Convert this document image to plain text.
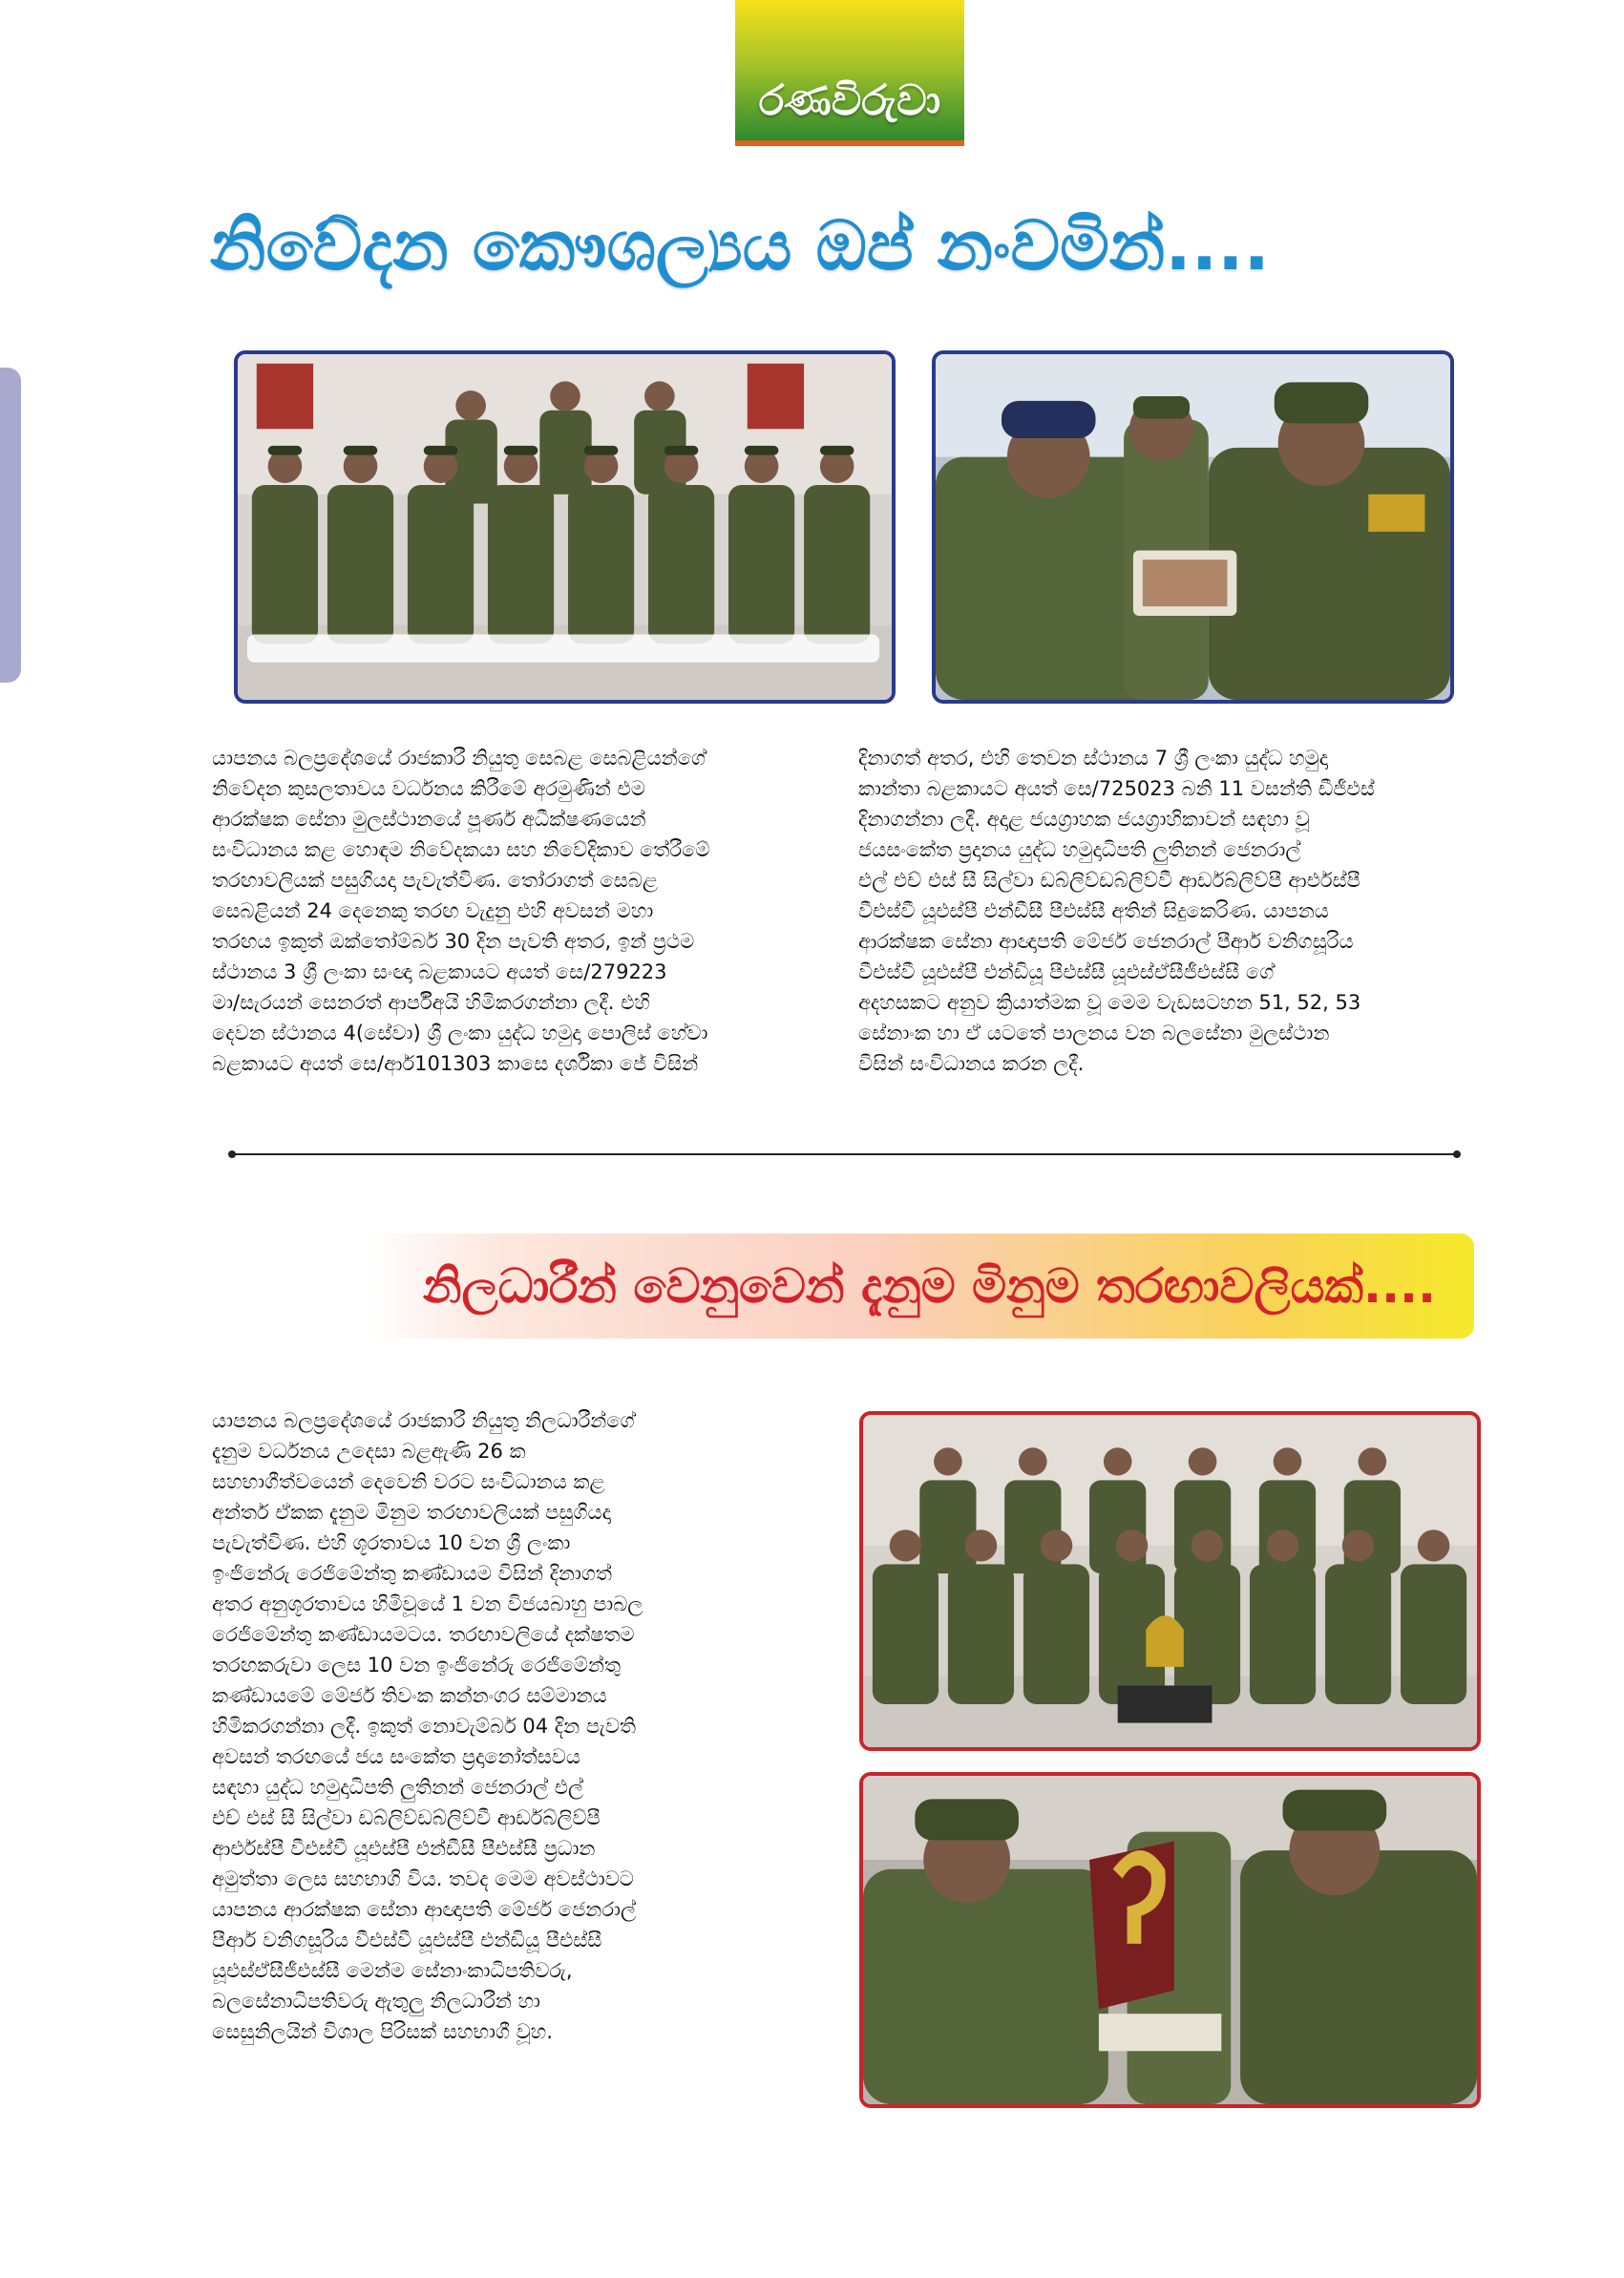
රණවිරුවා
නිවේදන කෞශල්‍යය ඔප් නංවමින්....
යාපනය බලප්‍රදේශයේ රාජකාරී නියුතු සෙබළ සෙබළියන්ගේ
නිවේදන කුසලතාවය වර්ධනය කිරීමේ අරමුණින් එම
ආරක්ෂක සේනා මුලස්ථානයේ පූර්ණ අධීක්ෂණයෙන්
සංවිධානය කළ හොඳම නිවේදකයා සහ නිවේදිකාව තේරීමේ
තරඟාවලියක් පසුගියදා පැවැත්විණ. තෝරාගත් සෙබළ
සෙබළියන් 24 දෙනෙකු තරඟ වැදුනු එහි අවසන් මහා
තරඟය ඉකුත් ඔක්තෝම්බර් 30 දින පැවති අතර, ඉන් ප්‍රථම
ස්ථානය 3 ශ්‍රී ලංකා සංඥා බළකායට අයත් සෙ/279223
මා/සැරයන් සෙනරත් ආර්පීඅයි හිමිකරගන්නා ලදී. එහි
දෙවන ස්ථානය 4(සේවා) ශ්‍රී ලංකා යුද්ධ හමුදා පොලිස් හේවා
බළකායට අයත් සෙ/ආර්101303 කාසෙ දර්ශිකා ජේ විසින්
දිනාගත් අතර, එහි තෙවන ස්ථානය 7 ශ්‍රී ලංකා යුද්ධ හමුදා
කාන්තා බළකායට අයත් සෙ/725023 බනි 11 වසන්ති ඩීජීඑස්
දිනාගන්නා ලදී. අදාළ ජයග්‍රාහක ජයග්‍රාහිකාවන් සඳහා වූ
ජයසංකේත ප්‍රදානය යුද්ධ හමුදාධිපති ලුතිනන් ජෙනරාල්
එල් එච් එස් සී සිල්වා ඩබ්ලිව්ඩබ්ලිව්වී ආර්ඩබ්ලිව්පී ආර්එස්පී
වීඑස්වී යූඑස්පී එන්ඩීසී පීඑස්සී අතින් සිදුකෙරිණ. යාපනය
ආරක්ෂක සේනා ආඥාපති මේජර් ජෙනරාල් පීආර් වනිගසූරිය
වීඑස්වී යූඑස්පී එන්ඩියූ පීඑස්සී යූඑස්ඒසීජීඑස්සී ගේ
අදහසකට අනුව ක්‍රියාත්මක වූ මෙම වැඩසටහන 51, 52, 53
සේනාංක හා ඒ යටතේ පාලනය වන බලසේනා මුලස්ථාන
විසින් සංවිධානය කරන ලදී.
නිලධාරීන් වෙනුවෙන් දැනුම මිනුම තරඟාවලියක්....
යාපනය බලප්‍රදේශයේ රාජකාරී නියුතු නිලධාරීන්ගේ
දැනුම වර්ධනය උදෙසා බළඇණි 26 ක
සහභාගීත්වයෙන් දෙවෙනි වරට සංවිධානය කළ
අන්තර් ඒකක දැනුම මිනුම තරඟාවලියක් පසුගියදා
පැවැත්විණ. එහි ශූරතාවය 10 වන ශ්‍රී ලංකා
ඉංජිනේරු රෙජිමේන්තු කණ්ඩායම විසින් දිනාගත්
අතර අනුශූරතාවය හිමිවූයේ 1 වන විජයබාහු පාබල
රෙජිමේන්තු කණ්ඩායමටය. තරඟාවලියේ දක්ෂතම
තරඟකරුවා ලෙස 10 වන ඉංජිනේරු රෙජිමේන්තු
කණ්ඩායමේ මේජර් තිවංක කන්නංගර සම්මානය
හිමිකරගන්නා ලදී. ඉකුත් නොවැම්බර් 04 දින පැවති
අවසන් තරඟයේ ජය සංකේත ප්‍රදානෝත්සවය
සඳහා යුද්ධ හමුදාධිපති ලුතිනන් ජෙනරාල් එල්
එච් එස් සී සිල්වා ඩබ්ලිව්ඩබ්ලිව්වී ආර්ඩබ්ලිව්පී
ආර්එස්පී වීඑස්වී යූඑස්පී එන්ඩීසී පීඑස්සී ප්‍රධාන
අමුත්තා ලෙස සහභාගි විය. තවද මෙම අවස්ථාවට
යාපනය ආරක්ෂක සේනා ආඥාපති මේජර් ජෙනරාල්
පීආර් වනිගසූරිය වීඑස්වී යූඑස්පී එන්ඩියූ පීඑස්සී
යූඑස්ඒසීජීඑස්සී මෙන්ම සේනාංකාධිපතිවරු,
බලසේනාධිපතිවරු ඇතුලු නිලධාරීන් හා
සෙසුනිලයින් විශාල පිරිසක් සහභාගී වූහ.
